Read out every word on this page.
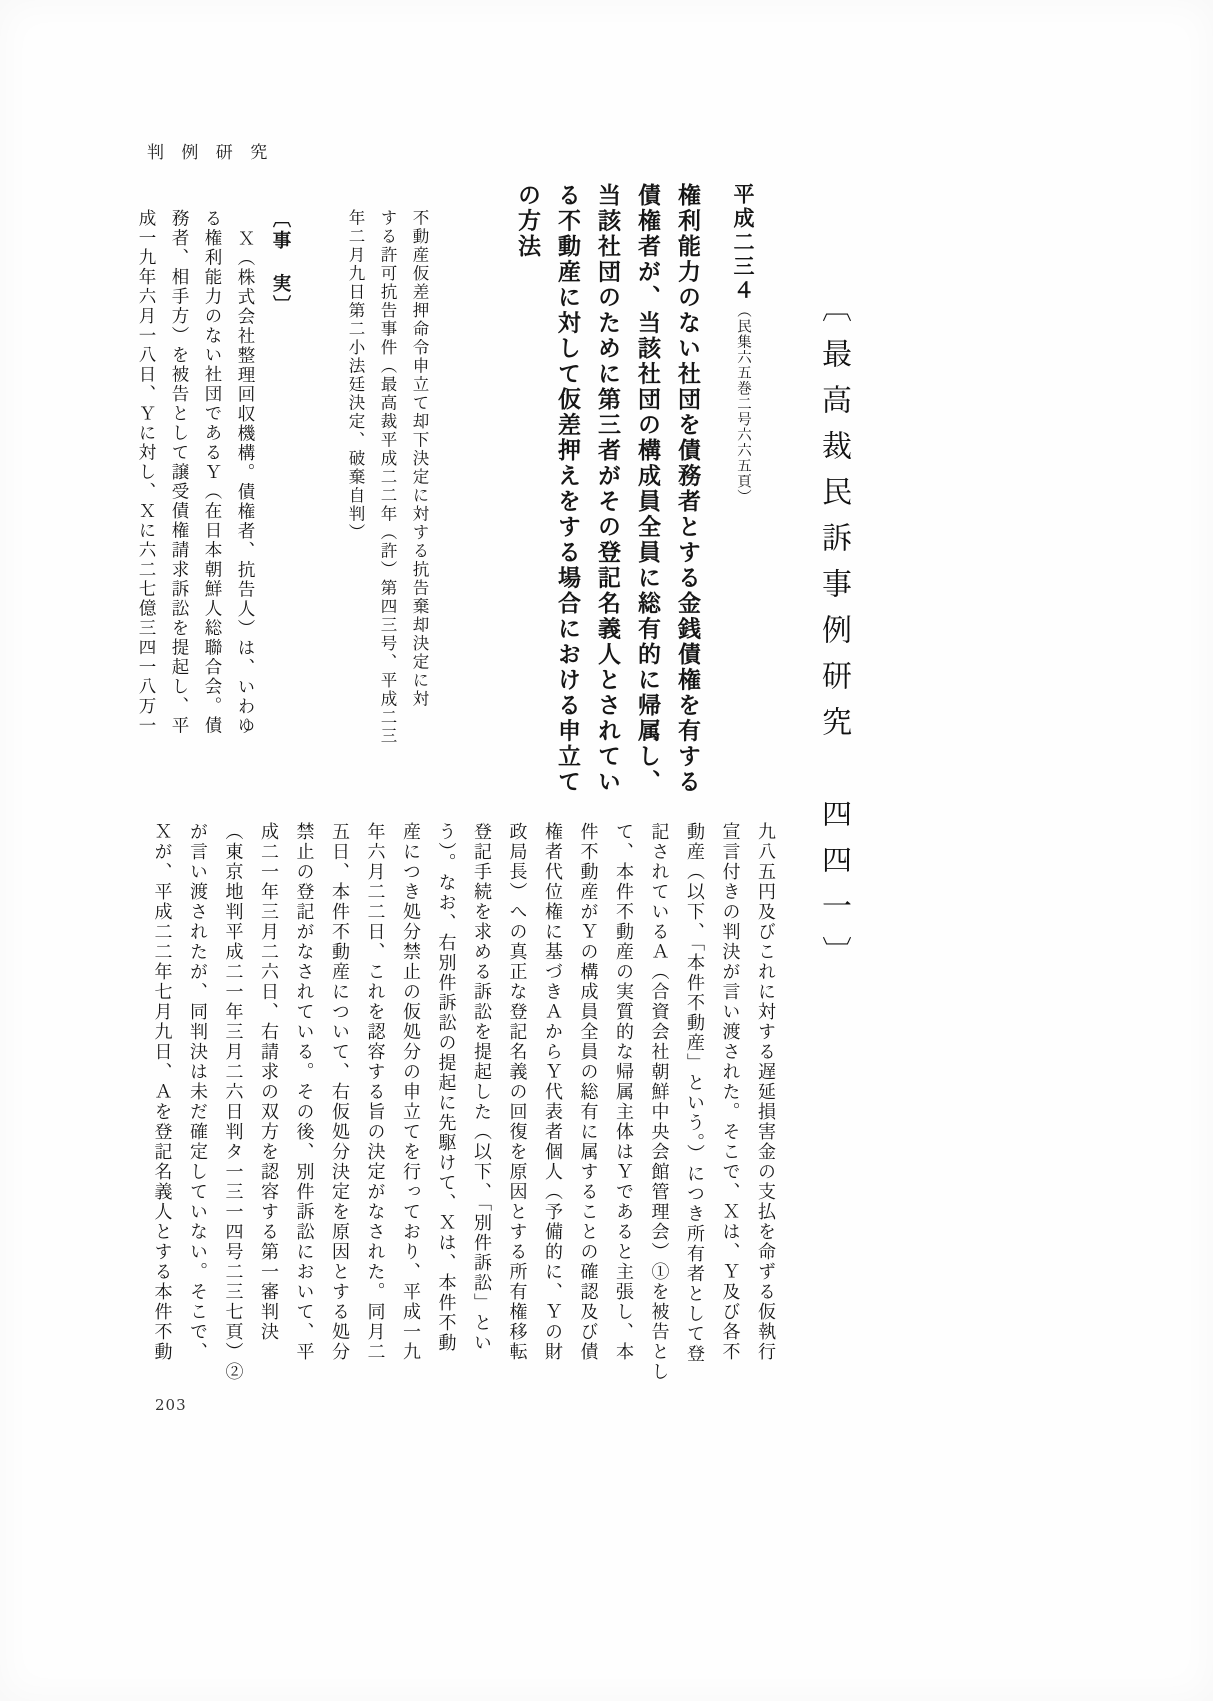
判 例 研 究
〔最高裁民訴事例研究　四四一〕
平成二三４（民集六五巻二号六六五頁）
権利能力のない社団を債務者とする金銭債権を有する
債権者が、当該社団の構成員全員に総有的に帰属し、
当該社団のために第三者がその登記名義人とされてい
る不動産に対して仮差押えをする場合における申立て
の方法
不動産仮差押命令申立て却下決定に対する抗告棄却決定に対
する許可抗告事件（最高裁平成二二年（許）第四三号、平成二三
年二月九日第二小法廷決定、破棄自判）
〔事　実〕
Ｘ（株式会社整理回収機構。債権者、抗告人）は、いわゆ
る権利能力のない社団であるＹ（在日本朝鮮人総聯合会。債
務者、相手方）を被告として譲受債権請求訴訟を提起し、平
成一九年六月一八日、Ｙに対し、Ｘに六二七億三四一八万一
九八五円及びこれに対する遅延損害金の支払を命ずる仮執行
宣言付きの判決が言い渡された。そこで、Ｘは、Ｙ及び各不
動産（以下、「本件不動産」という。）につき所有者として登
記されているＡ（合資会社朝鮮中央会館管理会）①を被告とし
て、本件不動産の実質的な帰属主体はＹであると主張し、本
件不動産がＹの構成員全員の総有に属することの確認及び債
権者代位権に基づきＡからＹ代表者個人（予備的に、Ｙの財
政局長）への真正な登記名義の回復を原因とする所有権移転
登記手続を求める訴訟を提起した（以下、「別件訴訟」とい
う）。なお、右別件訴訟の提起に先駆けて、Ｘは、本件不動
産につき処分禁止の仮処分の申立てを行っており、平成一九
年六月二二日、これを認容する旨の決定がなされた。同月二
五日、本件不動産について、右仮処分決定を原因とする処分
禁止の登記がなされている。その後、別件訴訟において、平
成二一年三月二六日、右請求の双方を認容する第一審判決
（東京地判平成二一年三月二六日判タ一三一四号二三七頁）②
が言い渡されたが、同判決は未だ確定していない。そこで、
Ｘが、平成二二年七月九日、Ａを登記名義人とする本件不動
203
